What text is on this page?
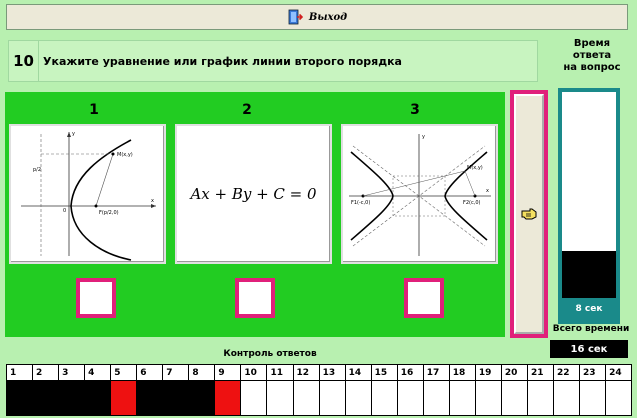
Выход
10 Укажите уравнение или график линии второго порядка
Время
ответа
на вопрос
1	2	3
M(x,y)
F(p/2,0)
y
x
0
p/2
Ax + By + C = 0	F1(-c,0)	F2(c,0)
M(x,y)
x
y
8 сек
Всего времени
16 сек
Контроль ответов
1	2	3	4	5	6	7	8	9	10	11	12	13	14	15	16	17	18	19	20	21	22	23	24
